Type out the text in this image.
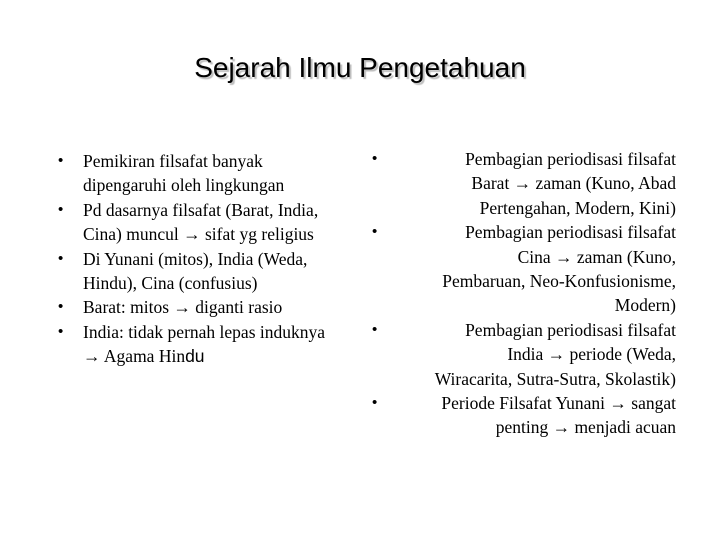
Sejarah Ilmu Pengetahuan
• Pemikiran filsafat banyak
dipengaruhi oleh lingkungan
• Pd dasarnya filsafat (Barat, India,
Cina) muncul → sifat yg religius
• Di Yunani (mitos), India (Weda,
Hindu), Cina (confusius)
• Barat: mitos → diganti rasio
• India: tidak pernah lepas induknya
→ Agama Hindu
•	Pembagian periodisasi filsafat
Barat → zaman (Kuno, Abad
Pertengahan, Modern, Kini)
•	Pembagian periodisasi filsafat
Cina → zaman (Kuno,
Pembaruan, Neo-Konfusionisme,
Modern)
•	Pembagian periodisasi filsafat
India → periode (Weda,
Wiracarita, Sutra-Sutra, Skolastik)
•	Periode Filsafat Yunani → sangat
penting → menjadi acuan
